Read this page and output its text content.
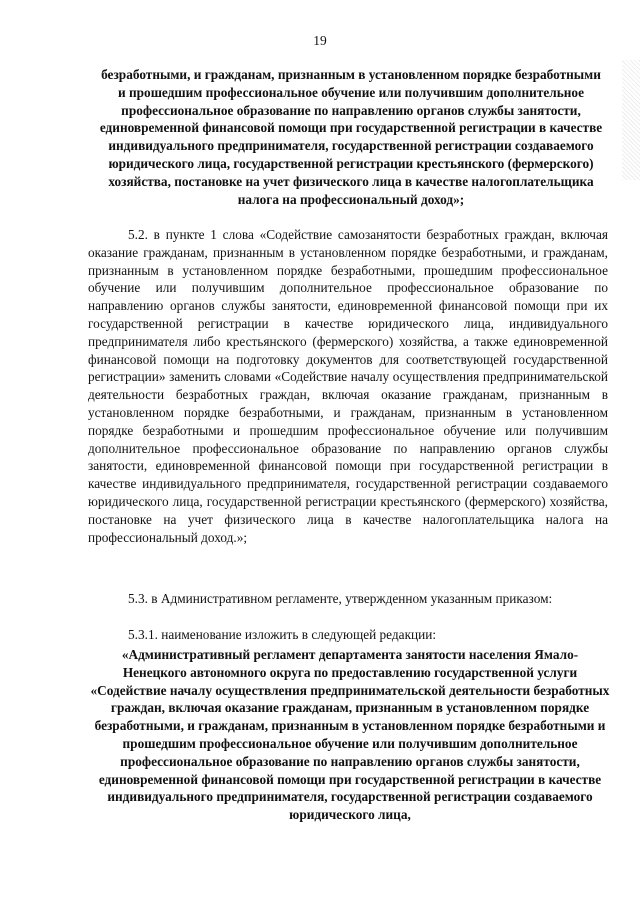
19

безработными, и гражданам, признанным в установленном порядке безработными и прошедшим профессиональное обучение или получившим дополнительное профессиональное образование по направлению органов службы занятости, единовременной финансовой помощи при государственной регистрации в качестве индивидуального предпринимателя, государственной регистрации создаваемого юридического лица, государственной регистрации крестьянского (фермерского) хозяйства, постановке на учет физического лица в качестве налогоплательщика налога на профессиональный доход»;

5.2. в пункте 1 слова «Содействие самозанятости безработных граждан, включая оказание гражданам, признанным в установленном порядке безработными, и гражданам, признанным в установленном порядке безработными, прошедшим профессиональное обучение или получившим дополнительное профессиональное образование по направлению органов службы занятости, единовременной финансовой помощи при их государственной регистрации в качестве юридического лица, индивидуального предпринимателя либо крестьянского (фермерского) хозяйства, а также единовременной финансовой помощи на подготовку документов для соответствующей государственной регистрации» заменить словами «Содействие началу осуществления предпринимательской деятельности безработных граждан, включая оказание гражданам, признанным в установленном порядке безработными, и гражданам, признанным в установленном порядке безработными и прошедшим профессиональное обучение или получившим дополнительное профессиональное образование по направлению органов службы занятости, единовременной финансовой помощи при государственной регистрации в качестве индивидуального предпринимателя, государственной регистрации создаваемого юридического лица, государственной регистрации крестьянского (фермерского) хозяйства, постановке на учет физического лица в качестве налогоплательщика налога на профессиональный доход.»;

5.3. в Административном регламенте, утвержденном указанным приказом:

5.3.1. наименование изложить в следующей редакции:

«Административный регламент департамента занятости населения Ямало-Ненецкого автономного округа по предоставлению государственной услуги «Содействие началу осуществления предпринимательской деятельности безработных граждан, включая оказание гражданам, признанным в установленном порядке безработными, и гражданам, признанным в установленном порядке безработными и прошедшим профессиональное обучение или получившим дополнительное профессиональное образование по направлению органов службы занятости, единовременной финансовой помощи при государственной регистрации в качестве индивидуального предпринимателя, государственной регистрации создаваемого юридического лица,
